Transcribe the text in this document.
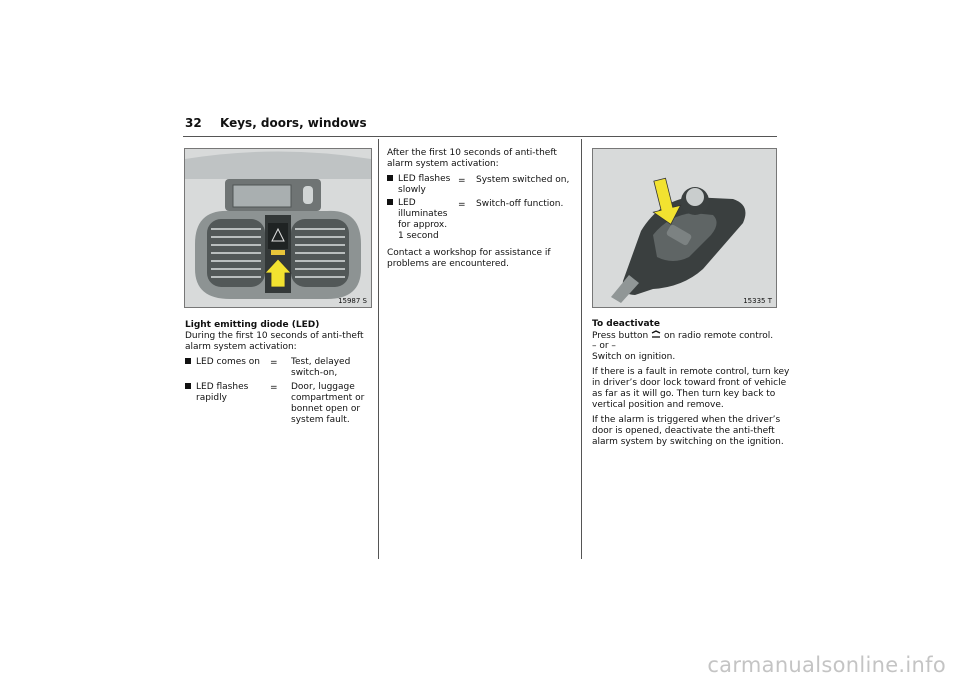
32 Keys, doors, windows
15987 S	15335 T
Light emitting diode (LED)
During the first 10 seconds of anti-theft
alarm system activation:
LED comes on = Test, delayed
switch-on,
LED flashes
rapidly
= Door, luggage
compartment or
bonnet open or
system fault.
After the first 10 seconds of anti-theft
alarm system activation:
LED flashes
slowly
= System switched on,
LED
illuminates
for approx.
1 second
= Switch-off function.
Contact a workshop for assistance if
problems are encountered.
To deactivate
Press button on radio remote control.
– or –
Switch on ignition.
If there is a fault in remote control, turn key
in driver’s door lock toward front of vehicle
as far as it will go. Then turn key back to
vertical position and remove.
If the alarm is triggered when the driver’s
door is opened, deactivate the anti-theft
alarm system by switching on the ignition.
carmanualsonline.info
